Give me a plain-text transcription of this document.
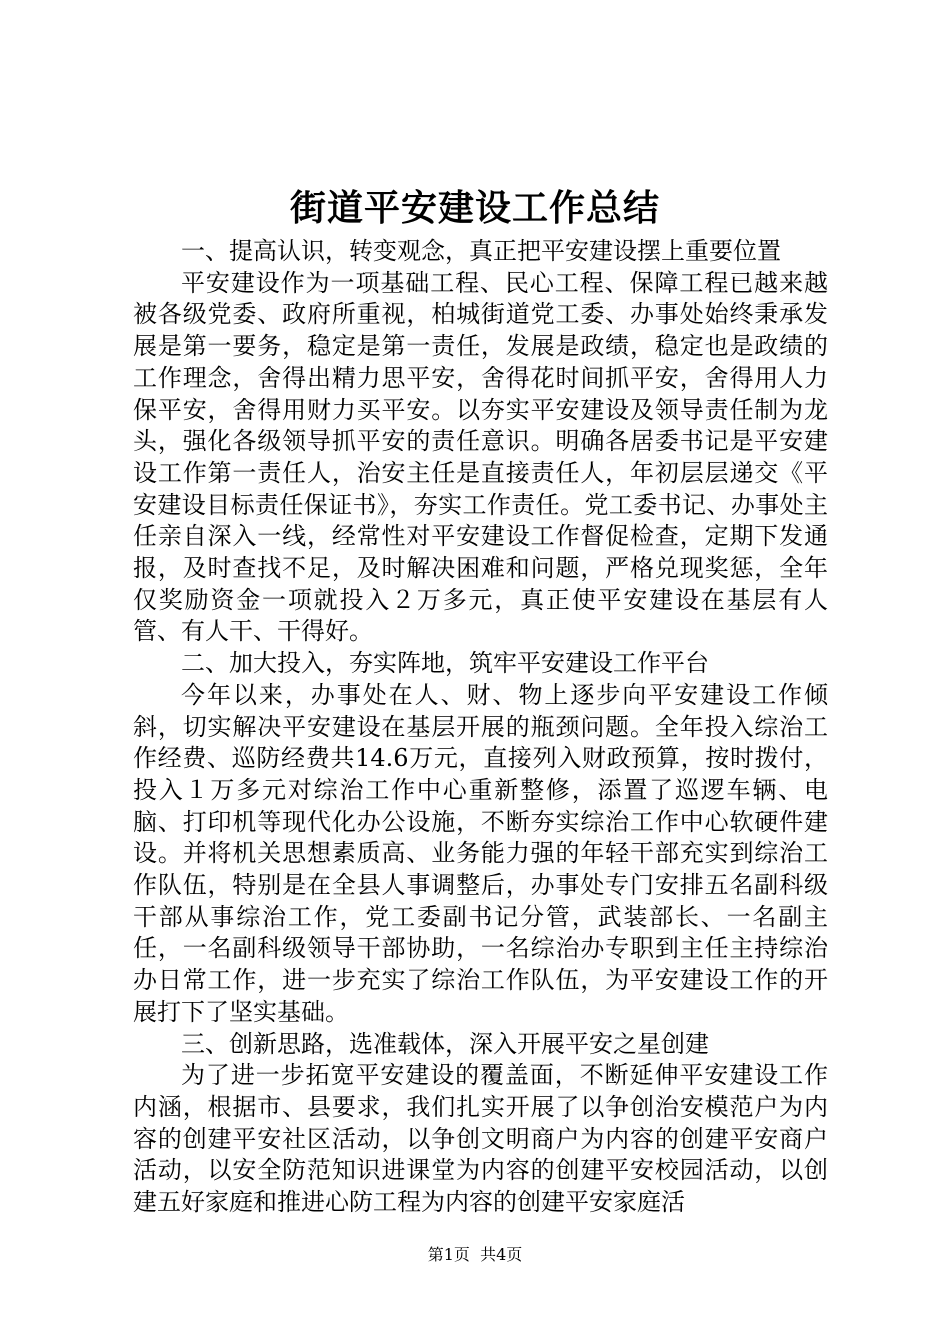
街道平安建设工作总结

一、提高认识，转变观念，真正把平安建设摆上重要位置

平安建设作为一项基础工程、民心工程、保障工程已越来越被各级党委、政府所重视，柏城街道党工委、办事处始终秉承发展是第一要务，稳定是第一责任，发展是政绩，稳定也是政绩的工作理念，舍得出精力思平安，舍得花时间抓平安，舍得用人力保平安，舍得用财力买平安。以夯实平安建设及领导责任制为龙头，强化各级领导抓平安的责任意识。明确各居委书记是平安建设工作第一责任人，治安主任是直接责任人，年初层层递交《平安建设目标责任保证书》，夯实工作责任。党工委书记、办事处主任亲自深入一线，经常性对平安建设工作督促检查，定期下发通报，及时查找不足，及时解决困难和问题，严格兑现奖惩，全年仅奖励资金一项就投入２万多元，真正使平安建设在基层有人管、有人干、干得好。

二、加大投入，夯实阵地，筑牢平安建设工作平台

今年以来，办事处在人、财、物上逐步向平安建设工作倾斜，切实解决平安建设在基层开展的瓶颈问题。全年投入综治工作经费、巡防经费共14.6万元，直接列入财政预算，按时拨付，投入１万多元对综治工作中心重新整修，添置了巡逻车辆、电脑、打印机等现代化办公设施，不断夯实综治工作中心软硬件建设。并将机关思想素质高、业务能力强的年轻干部充实到综治工作队伍，特别是在全县人事调整后，办事处专门安排五名副科级干部从事综治工作，党工委副书记分管，武装部长、一名副主任，一名副科级领导干部协助，一名综治办专职到主任主持综治办日常工作，进一步充实了综治工作队伍，为平安建设工作的开展打下了坚实基础。

三、创新思路，选准载体，深入开展平安之星创建

为了进一步拓宽平安建设的覆盖面，不断延伸平安建设工作内涵，根据市、县要求，我们扎实开展了以争创治安模范户为内容的创建平安社区活动，以争创文明商户为内容的创建平安商户活动，以安全防范知识进课堂为内容的创建平安校园活动，以创建五好家庭和推进心防工程为内容的创建平安家庭活

第1页 共4页
